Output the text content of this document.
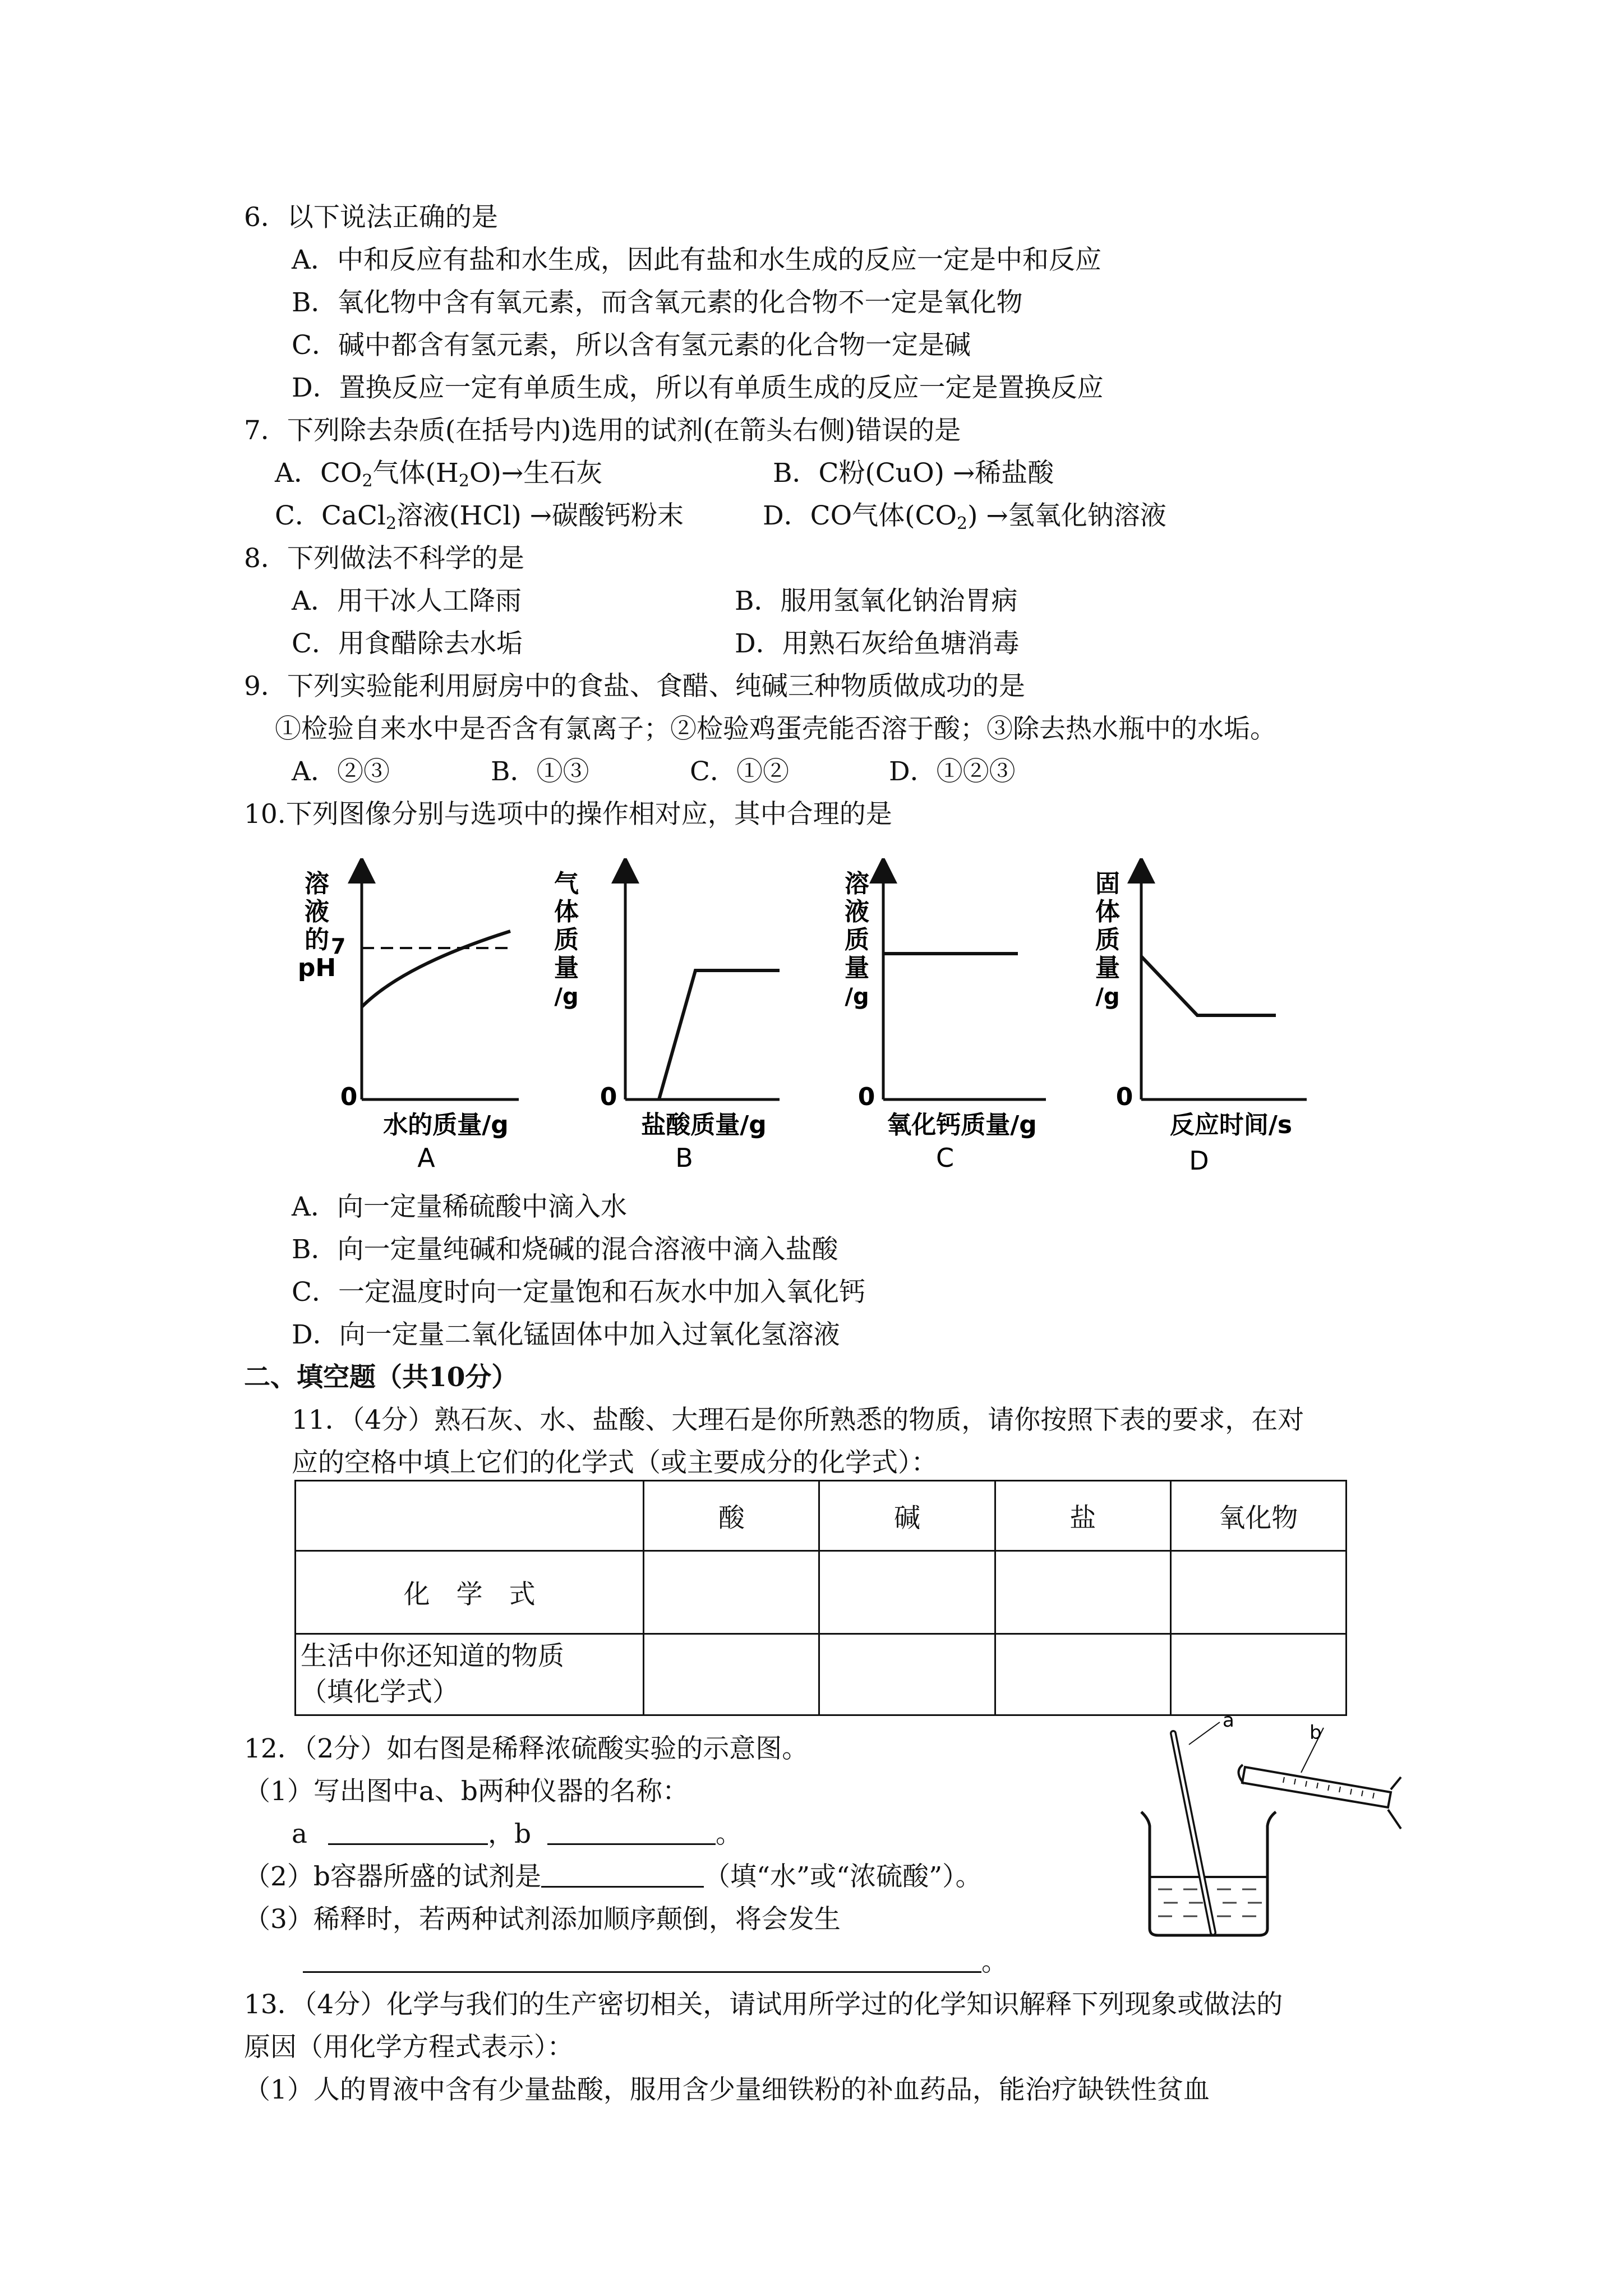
6．以下说法正确的是
A．中和反应有盐和水生成，因此有盐和水生成的反应一定是中和反应
B．氧化物中含有氧元素，而含氧元素的化合物不一定是氧化物
C．碱中都含有氢元素，所以含有氢元素的化合物一定是碱
D．置换反应一定有单质生成，所以有单质生成的反应一定是置换反应
7．下列除去杂质(在括号内)选用的试剂(在箭头右侧)错误的是
A．$CO_2$气体$(H_2O)\to$生石灰	B．C粉(CuO) →稀盐酸
C．CaCl$_2$溶液(HCl) →碳酸钙粉末	D．CO气体$(CO_2)$ →氢氧化钠溶液
8．下列做法不科学的是
A．用干冰人工降雨	B．服用氢氧化钠治胃病
C．用食醋除去水垢	D．用熟石灰给鱼塘消毒
9．下列实验能利用厨房中的食盐、食醋、纯碱三种物质做成功的是
①检验自来水中是否含有氯离子；②检验鸡蛋壳能否溶于酸；③除去热水瓶中的水垢。
A．②③	B．①③	C．①②	D．①②③
10.下列图像分别与选项中的操作相对应，其中合理的是
溶
液
的
pH
7
0
水的质量/g
A
气
体
质
量
/g
0
盐酸质量/g
B
溶
液
质
量
/g
0
氧化钙质量/g
C
固
体
质
量
/g
0
反应时间/s
D
A．向一定量稀硫酸中滴入水
B．向一定量纯碱和烧碱的混合溶液中滴入盐酸
C．一定温度时向一定量饱和石灰水中加入氧化钙
D．向一定量二氧化锰固体中加入过氧化氢溶液
二、填空题（共10分）
11．（4分）熟石灰、水、盐酸、大理石是你所熟悉的物质，请你按照下表的要求，在对
应的空格中填上它们的化学式（或主要成分的化学式）：
	酸	碱	盐	氧化物
化　学　式				

生活中你还知道的物质
（填化学式）				

12．（2分）如右图是稀释浓硫酸实验的示意图。
（1）写出图中a、b两种仪器的名称：
a	，b	。
（2）b容器所盛的试剂是	（填“水”或“浓硫酸”）。
（3）稀释时，若两种试剂添加顺序颠倒，将会发生
。
a
b
13．（4分）化学与我们的生产密切相关，请试用所学过的化学知识解释下列现象或做法的
原因（用化学方程式表示）：
（1）人的胃液中含有少量盐酸，服用含少量细铁粉的补血药品，能治疗缺铁性贫血
